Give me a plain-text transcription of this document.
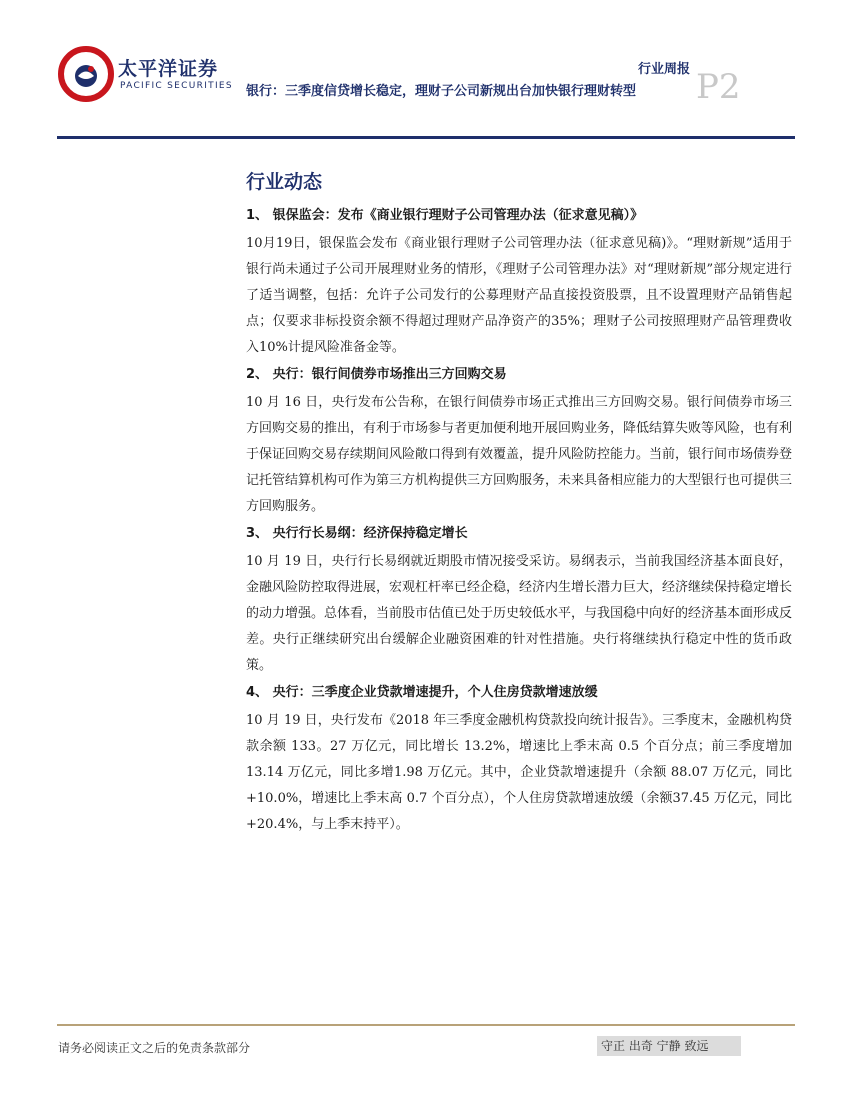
太平洋证券
PACIFIC SECURITIES
行业周报
银行：三季度信贷增长稳定，理财子公司新规出台加快银行理财转型 P2
行业动态
1、 银保监会：发布《商业银行理财子公司管理办法（征求意见稿）》

10月19日，银保监会发布《商业银行理财子公司管理办法（征求意见稿)》。“理财新规”适用于银行尚未通过子公司开展理财业务的情形，《理财子公司管理办法》对“理财新规”部分规定进行了适当调整，包括：允许子公司发行的公募理财产品直接投资股票，且不设置理财产品销售起点；仅要求非标投资余额不得超过理财产品净资产的35%；理财子公司按照理财产品管理费收入10%计提风险准备金等。

2、 央行：银行间债券市场推出三方回购交易

10 月 16 日，央行发布公告称，在银行间债券市场正式推出三方回购交易。银行间债券市场三方回购交易的推出，有利于市场参与者更加便利地开展回购业务，降低结算失败等风险，也有利于保证回购交易存续期间风险敞口得到有效覆盖，提升风险防控能力。当前，银行间市场债券登记托管结算机构可作为第三方机构提供三方回购服务，未来具备相应能力的大型银行也可提供三方回购服务。

3、 央行行长易纲：经济保持稳定增长

10 月 19 日，央行行长易纲就近期股市情况接受采访。易纲表示，当前我国经济基本面良好，金融风险防控取得进展，宏观杠杆率已经企稳，经济内生增长潜力巨大，经济继续保持稳定增长的动力增强。总体看，当前股市估值已处于历史较低水平，与我国稳中向好的经济基本面形成反差。央行正继续研究出台缓解企业融资困难的针对性措施。央行将继续执行稳定中性的货币政策。

4、 央行：三季度企业贷款增速提升，个人住房贷款增速放缓

10 月 19 日，央行发布《2018 年三季度金融机构贷款投向统计报告》。三季度末，金融机构贷款余额 133。27 万亿元，同比增长 13.2%，增速比上季末高 0.5 个百分点；前三季度增加13.14 万亿元，同比多增1.98 万亿元。其中，企业贷款增速提升（余额 88.07 万亿元，同比+10.0%，增速比上季末高 0.7 个百分点），个人住房贷款增速放缓（余额37.45 万亿元，同比+20.4%，与上季末持平）。

请务必阅读正文之后的免责条款部分	守正 出奇 宁静 致远
